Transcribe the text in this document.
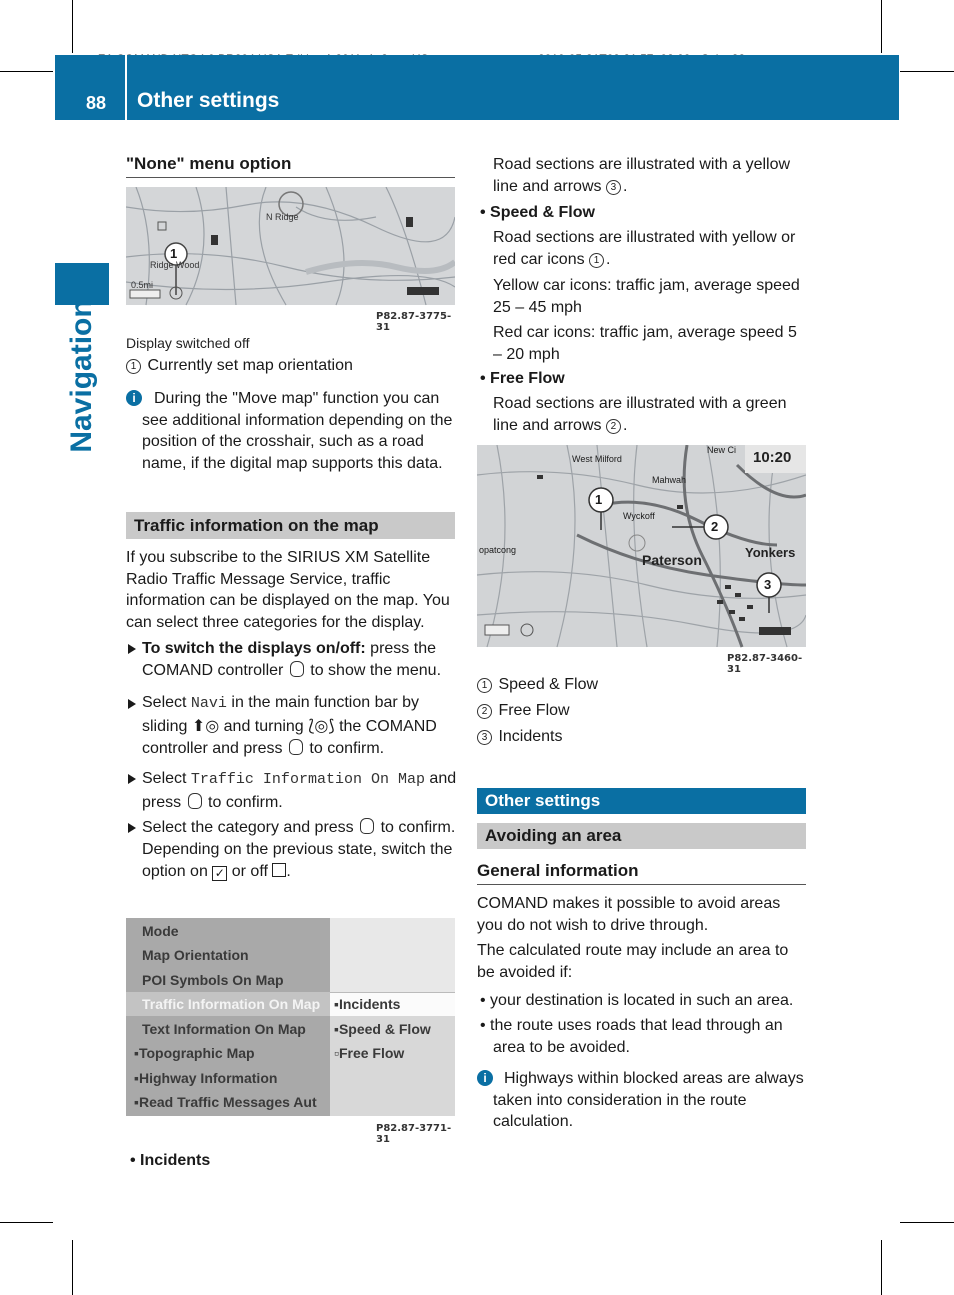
88 Other settings
Navigation
"None" menu option
1
Ridge Wood
0.5mi
N Ridge
P82.87-3775-31
Display switched off
1 Currently set map orientation
i	During the "Move map" function you can see additional information depending on the position of the crosshair, such as a road name, if the digital map supports this data.
Traffic information on the map
If you subscribe to the SIRIUS XM Satellite Radio Traffic Message Service, traffic information can be displayed on the map. You can select three categories for the display.
To switch the displays on/off: press the COMAND controller to show the menu.
Select Navi in the main function bar by sliding ⬆◎ and turning ⟅◎⟆ the COMAND controller and press to confirm.
Select Traffic Information On Map and press to confirm.
Select the category and press to confirm.
Depending on the previous state, switch the option on ✓ or off .
Mode
Map Orientation
POI Symbols On Map
Traffic Information On Map
Text Information On Map
▪Topographic Map
▪Highway Information
▪Read Traffic Messages Aut
▪Incidents
▪Speed & Flow
▫Free Flow
P82.87-3771-31
• Incidents
Road sections are illustrated with a yellow line and arrows 3 .
• Speed & Flow
Road sections are illustrated with yellow or red car icons 1 .
Yellow car icons: traffic jam, average speed 25 – 45 mph
Red car icons: traffic jam, average speed 5 – 20 mph
• Free Flow
Road sections are illustrated with a green line and arrows 2 .
10:20
1
2
3
West Milford
New Ci
Mahwah
Wyckoff
Paterson	Yonkers
opatcong
P82.87-3460-31
1 Speed & Flow
2 Free Flow
3 Incidents
Other settings
Avoiding an area
General information
COMAND makes it possible to avoid areas you do not wish to drive through.
The calculated route may include an area to be avoided if:
• your destination is located in such an area.
• the route uses roads that lead through an area to be avoided.
i	Highways within blocked areas are always taken into consideration in the route calculation.
